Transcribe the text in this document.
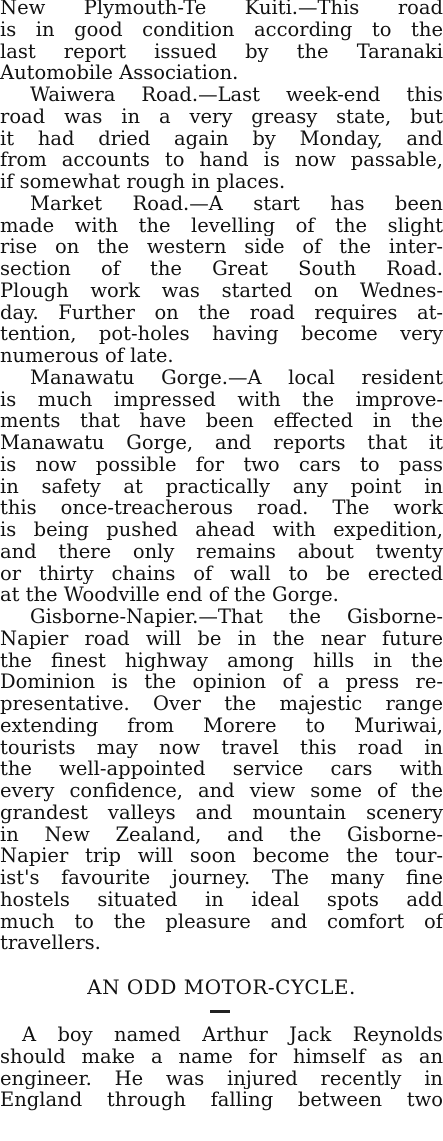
New Plymouth-Te Kuiti.—This road
is in good condition according to the
last report issued by the Taranaki
Automobile Association.
Waiwera Road.—Last week-end this
road was in a very greasy state, but
it had dried again by Monday, and
from accounts to hand is now passable,
if somewhat rough in places.
Market Road.—A start has been
made with the levelling of the slight
rise on the western side of the inter-
section of the Great South Road.
Plough work was started on Wednes-
day. Further on the road requires at-
tention, pot-holes having become very
numerous of late.
Manawatu Gorge.—A local resident
is much impressed with the improve-
ments that have been effected in the
Manawatu Gorge, and reports that it
is now possible for two cars to pass
in safety at practically any point in
this once-treacherous road. The work
is being pushed ahead with expedition,
and there only remains about twenty
or thirty chains of wall to be erected
at the Woodville end of the Gorge.
Gisborne-Napier.—That the Gisborne-
Napier road will be in the near future
the finest highway among hills in the
Dominion is the opinion of a press re-
presentative. Over the majestic range
extending from Morere to Muriwai,
tourists may now travel this road in
the well-appointed service cars with
every confidence, and view some of the
grandest valleys and mountain scenery
in New Zealand, and the Gisborne-
Napier trip will soon become the tour-
ist's favourite journey. The many fine
hostels situated in ideal spots add
much to the pleasure and comfort of
travellers.
AN ODD MOTOR-CYCLE.
A boy named Arthur Jack Reynolds
should make a name for himself as an
engineer. He was injured recently in
England through falling between two
